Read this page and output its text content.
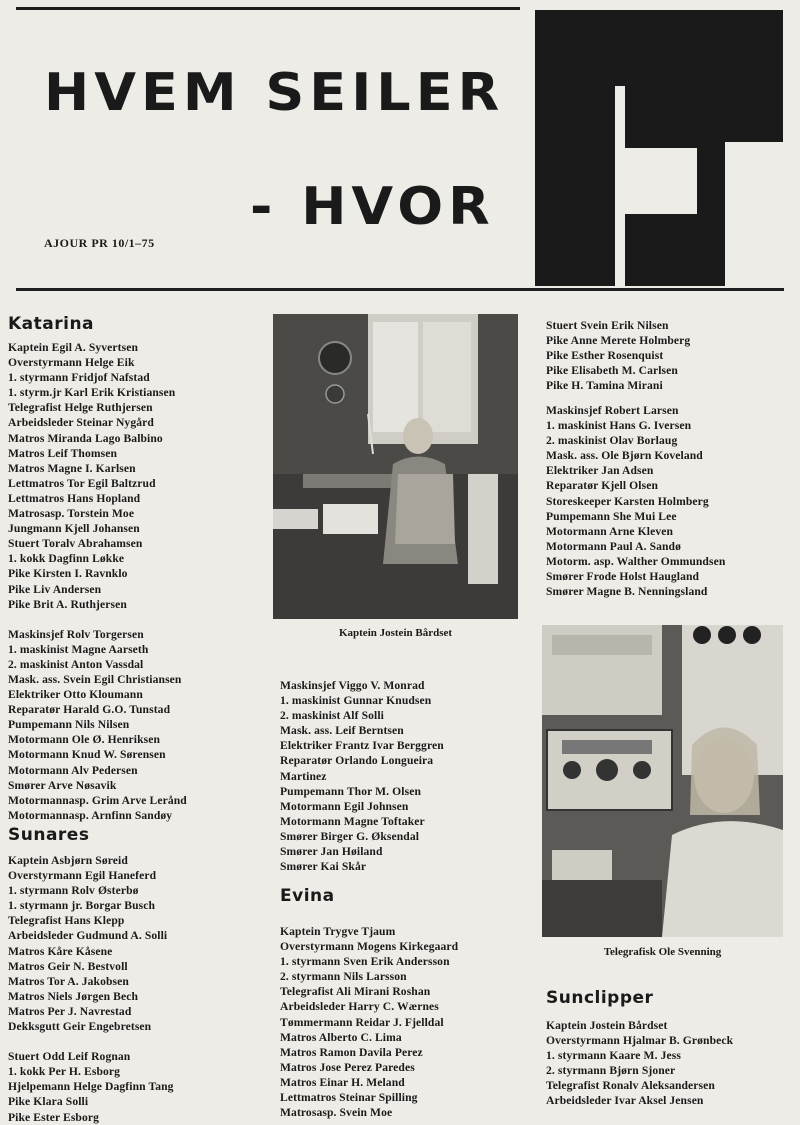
HVEM SEILER
- HVOR
AJOUR PR 10/1–75
Katarina
Kaptein Egil A. Syvertsen
Overstyrmann Helge Eik
1. styrmann Fridjof Nafstad
1. styrm.jr Karl Erik Kristiansen
Telegrafist Helge Ruthjersen
Arbeidsleder Steinar Nygård
Matros Miranda Lago Balbino
Matros Leif Thomsen
Matros Magne I. Karlsen
Lettmatros Tor Egil Baltzrud
Lettmatros Hans Hopland
Matrosasp. Torstein Moe
Jungmann Kjell Johansen
Stuert Toralv Abrahamsen
1. kokk Dagfinn Løkke
Pike Kirsten I. Ravnklo
Pike Liv Andersen
Pike Brit A. Ruthjersen
Maskinsjef Rolv Torgersen
1. maskinist Magne Aarseth
2. maskinist Anton Vassdal
Mask. ass. Svein Egil Christiansen
Elektriker Otto Kloumann
Reparatør Harald G.O. Tunstad
Pumpemann Nils Nilsen
Motormann Ole Ø. Henriksen
Motormann Knud W. Sørensen
Motormann Alv Pedersen
Smører Arve Nøsavik
Motormannasp. Grim Arve Lerånd
Motormannasp. Arnfinn Sandøy
Sunares
Kaptein Asbjørn Søreid
Overstyrmann Egil Haneferd
1. styrmann Rolv Østerbø
1. styrmann jr. Borgar Busch
Telegrafist Hans Klepp
Arbeidsleder Gudmund A. Solli
Matros Kåre Kåsene
Matros Geir N. Bestvoll
Matros Tor A. Jakobsen
Matros Niels Jørgen Bech
Matros Per J. Navrestad
Dekksgutt Geir Engebretsen
Stuert Odd Leif Rognan
1. kokk Per H. Esborg
Hjelpemann Helge Dagfinn Tang
Pike Klara Solli
Pike Ester Esborg
Kaptein Jostein Bårdset
Maskinsjef Viggo V. Monrad
1. maskinist Gunnar Knudsen
2. maskinist Alf Solli
Mask. ass. Leif Berntsen
Elektriker Frantz Ivar Berggren
Reparatør Orlando Longueira
Martinez
Pumpemann Thor M. Olsen
Motormann Egil Johnsen
Motormann Magne Toftaker
Smører Birger G. Øksendal
Smører Jan Høiland
Smører Kai Skår
Evina
Kaptein Trygve Tjaum
Overstyrmann Mogens Kirkegaard
1. styrmann Sven Erik Andersson
2. styrmann Nils Larsson
Telegrafist Ali Mirani Roshan
Arbeidsleder Harry C. Wærnes
Tømmermann Reidar J. Fjelldal
Matros Alberto C. Lima
Matros Ramon Davila Perez
Matros Jose Perez Paredes
Matros Einar H. Meland
Lettmatros Steinar Spilling
Matrosasp. Svein Moe
Stuert Svein Erik Nilsen
Pike Anne Merete Holmberg
Pike Esther Rosenquist
Pike Elisabeth M. Carlsen
Pike H. Tamina Mirani
Maskinsjef Robert Larsen
1. maskinist Hans G. Iversen
2. maskinist Olav Borlaug
Mask. ass. Ole Bjørn Koveland
Elektriker Jan Adsen
Reparatør Kjell Olsen
Storeskeeper Karsten Holmberg
Pumpemann She Mui Lee
Motormann Arne Kleven
Motormann Paul A. Sandø
Motorm. asp. Walther Ommundsen
Smører Frode Holst Haugland
Smører Magne B. Nenningsland
Telegrafisk Ole Svenning
Sunclipper
Kaptein Jostein Bårdset
Overstyrmann Hjalmar B. Grønbeck
1. styrmann Kaare M. Jess
2. styrmann Bjørn Sjoner
Telegrafist Ronalv Aleksandersen
Arbeidsleder Ivar Aksel Jensen
